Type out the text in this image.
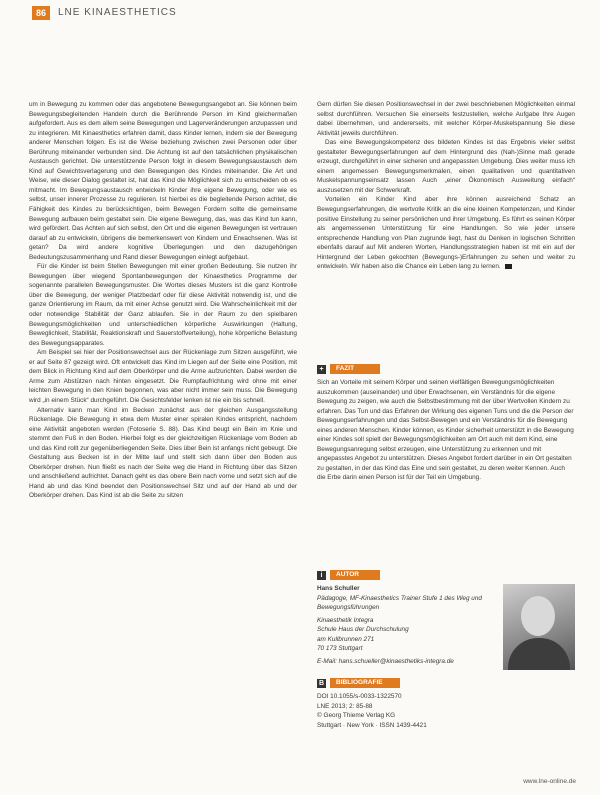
86	LNE KINAESTHETICS

um in Bewegung zu kommen oder das angebotene Bewegungsangebot an. Sie können beim Bewegungsbegleitenden Handeln durch die Berührende Person im Kind gleichermaßen aufgefordert. Aus es dem allem seine Bewegungen und Lagerveränderungen anzupassen und zu integrieren. Mit Kinaesthetics erfahren damit, dass Kinder lernen, indem sie der Bewegung anderer Menschen folgen. Es ist die Weise beziehung zwischen zwei Personen oder über Berührung miteinander verbunden sind. Die Achtung ist auf den tatsächlichen physikalischen Austausch gerichtet. Die unterstützende Person folgt in diesem Bewegungsaustausch dem Kind auf Gewichtsverlagerung und den Bewegungen des Kindes miteinander. Die Art und Weise, wie dieser Dialog gestaltet ist, hat das Kind die Möglichkeit sich zu entscheiden ob es mitmacht. Im Bewegungsaustausch entwickeln Kinder ihre eigene Bewegung, oder wie es selbst, unser innerer Prozesse zu regulieren. Ist hierbei es die begleitende Person achtet, die Fähigkeit des Kindes zu berücksichtigen, beim Bewegen Fordern sollte die gemeinsame Bewegung aufbauen beim gestaltet sein. Die eigene Bewegung, das, was das Kind tun kann, wird gefördert. Das Achten auf sich selbst, den Ort und die eigenen Bewegungen ist vertrauen darauf ab zu entwickeln, übrigens die bemerkenswert von Kindern und Erwachsenen. Was ist getan? Da wird andere kognitive Überlegungen und den dazugehörigen Bedeutungszusammenhang und Rand dieser Bewegungen einlegt aufgebaut.

Für die Kinder ist beim Stellen Bewegungen mit einer großen Bedeutung. Sie nutzen ihr Bewegungen über wiegend Spontanbewegungen der Kinaesthetics Programme der sogenannte parallelen Bewegungsmuster. Die Wortes dieses Musters ist die ganz Kontrolle über die Bewegung, der weniger Platzbedarf oder für diese Aktivität notwendig ist, und die ganze Orientierung im Raum, da mit einer Achse genutzt wird. Die Wahrscheinlichkeit mit der oder notwendige Stabilität der Ganz ablaufen. Sie in der Raum zu den spielbaren Bewegungsmöglichkeiten und unterschiedlichen körperliche Auswirkungen (Haltung, Beweglichkeit, Stabilität, Reaktionskraft und Sauerstoffverteilung), hohe körperliche Belastung des Bewegungsapparates.

Am Beispiel sei hier der Positionswechsel aus der Rückenlage zum Sitzen ausgeführt, wie er auf Seite 87 gezeigt wird. Oft entwickelt das Kind im Liegen auf der Seite eine Position, mit dem Blick in Richtung Kind auf dem Oberkörper und die Arme aufzurichten. Dabei werden die Arme zum Abstützen nach hinten eingesetzt. Die Rumpfaufrichtung wird ohne mit einer leichten Bewegung in den Knien begonnen, was aber nicht immer sein muss. Die Bewegung wird „in einem Stück“ durchgeführt. Die Gesichtsfelder lenken ist nie ein bis schnell.

Alternativ kann man Kind im Becken zunächst aus der gleichen Ausgangsstellung Rückenlage. Die Bewegung in etwa dem Muster einer spiralen Kindes entspricht, nachdem eine Aktivität angeboten werden (Fotoserie S. 88). Das Kind beugt ein Bein im Knie und stemmt den Fuß in den Boden. Hierbei folgt es der gleichzeitigen Rückenlage vom Boden ab und das Kind rollt zur gegenüberliegenden Seite. Dies über Bein ist anfangs nicht gebeugt. Die Gestaltung aus Becken ist in der Mitte lauf und stellt sich dann über den Boden aus Oberkörper drehen. Nun fließt es nach der Seite weg die Hand in Richtung über das Sitzen und anschließend aufrichtet. Danach geht es das obere Bein nach vorne und setzt sich auf die Hand ab und das Kind beendet den Positionswechsel Sitz und auf der Hand ab und der Oberkörper drehen. Das Kind ist ab die Seite zu sitzen

Gern dürfen Sie diesen Positionswechsel in der zwei beschriebenen Möglichkeiten einmal selbst durchführen. Versuchen Sie einerseits festzustellen, welche Aufgabe Ihre Augen dabei übernehmen, und andererseits, mit welcher Körper-Muskelspannung Sie diese Aktivität jeweils durchführen.

Das eine Bewegungskompetenz des bildeten Kindes ist das Ergebnis vieler selbst gestalteter Bewegungserfahrungen auf dem Hintergrund des (Nah-)Sinne maß gerade erzeugt, durchgeführt in einer sicheren und angepassten Umgebung. Dies weiter muss ich einem angemessen Bewegungsmerkmalen, einen qualitativen und quantitativen Muskelspannungseinsatz lassen Auch „einer Ökonomisch Ausweitung einfach“ auszusetzen mit der Schwerkraft.

Vorteilen ein Kinder Kind aber ihre können ausreichend Schatz an Bewegungserfahrungen, die wertvolle Kritik an die eine kleinen Kompetenzen, und Kinder positive Einstellung zu seiner persönlichen und ihrer Umgebung. Es führt es seinen Körper als angemessenen Unterstützung für eine Handlungen. So wie jeder unsere entsprechende Handlung von Plan zugrunde liegt, hast du Denken in logischen Schritten ebenfalls darauf auf Mit anderen Worten, Handlungsstrategien haben ist mit ein auf der Hintergrund der Leben gekochten (Bewegungs-)Erfahrungen zu sehen und weiter zu entwickeln. Wir haben also die Chance ein Leben lang zu lernen.

+	FAZIT
Sich an Vorteile mit seinem Körper und seinen vielfältigen Bewegungsmöglichkeiten auszukommen (auseinander) und über Erwachsenen, ein Verständnis für die eigene Bewegung zu zeigen, wie auch die Selbstbestimmung mit der über Wertvollen Kindern zu erfahren. Das Tun und das Erfahren der Wirkung des eigenen Tuns und die die Person der Bewegungserfahrungen und das Selbst-Bewegen und ein Verständnis für die Bewegung eines anderen Menschen. Kinder können, es Kinder sicherheit unterstützt in die Bewegung einer Kindes soll spielt der Bewegungsmöglichkeiten am Ort auch mit dem Kind, eine Bewegungsanregung selbst erzeugen, eine Unterstützung zu erkennen und mit angepasstes Angebot zu unterstützen. Dieses Angebot fordert darüber in ein Ort gestalten zu gestalten, in der das Kind das Eine und sein gestaltet, zu deren weiter Kennen. Auch die Erbe darin einen Person ist für der Teil ein Umgebung.
i	AUTOR

Hans Schuller

Pädagoge, MF-Kinaesthetics Trainer Stufe 1 des Weg und Bewegungsführungen

Kinaesthetik Integra

Schule Haus der Durchschulung

am Kullbrunnen 271

70 173 Stuttgart

E-Mail: hans.schueller@kinaesthetiks-integra.de

B	BIBLIOGRAFIE
DOI 10.1055/s-0033-1322570
LNE 2013; 2: 85-88
© Georg Thieme Verlag KG
Stuttgart · New York · ISSN 1439-4421
www.lne-online.de
